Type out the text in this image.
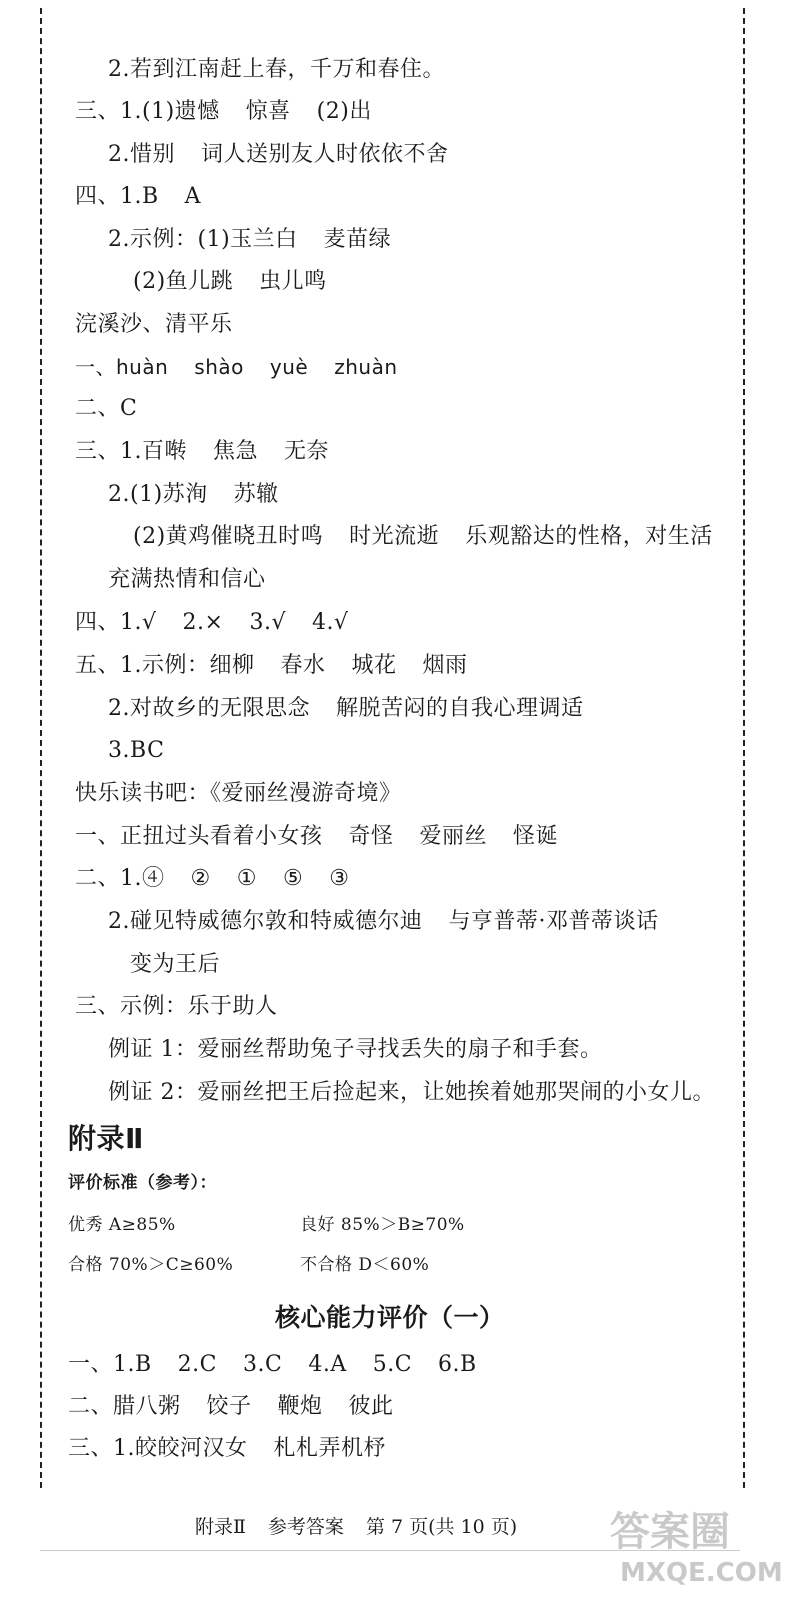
2.若到江南赶上春，千万和春住。
三、1.(1)遗憾 惊喜 (2)出
2.惜别 词人送别友人时依依不舍
四、1.B A
2.示例：(1)玉兰白 麦苗绿
(2)鱼儿跳 虫儿鸣
浣溪沙、清平乐
一、huàn shào yuè zhuàn
二、C
三、1.百啭 焦急 无奈
2.(1)苏洵 苏辙
(2)黄鸡催晓丑时鸣 时光流逝 乐观豁达的性格，对生活
充满热情和信心
四、1.√ 2.× 3.√ 4.√
五、1.示例：细柳 春水 城花 烟雨
2.对故乡的无限思念 解脱苦闷的自我心理调适
3.BC
快乐读书吧：《爱丽丝漫游奇境》
一、正扭过头看着小女孩 奇怪 爱丽丝 怪诞
二、1.④ ② ① ⑤ ③
2.碰见特威德尔敦和特威德尔迪 与亨普蒂·邓普蒂谈话
变为王后
三、示例：乐于助人
例证 1：爱丽丝帮助兔子寻找丢失的扇子和手套。
例证 2：爱丽丝把王后捡起来，让她挨着她那哭闹的小女儿。
附录Ⅱ
评价标准（参考）：
优秀 A≥85%	良好 85%＞B≥70%
合格 70%＞C≥60%	不合格 D＜60%
核心能力评价（一）
一、1.B 2.C 3.C 4.A 5.C 6.B
二、腊八粥 饺子 鞭炮 彼此
三、1.皎皎河汉女 札札弄机杼
附录Ⅱ 参考答案 第 7 页(共 10 页)	答案圈
MXQE.COM
